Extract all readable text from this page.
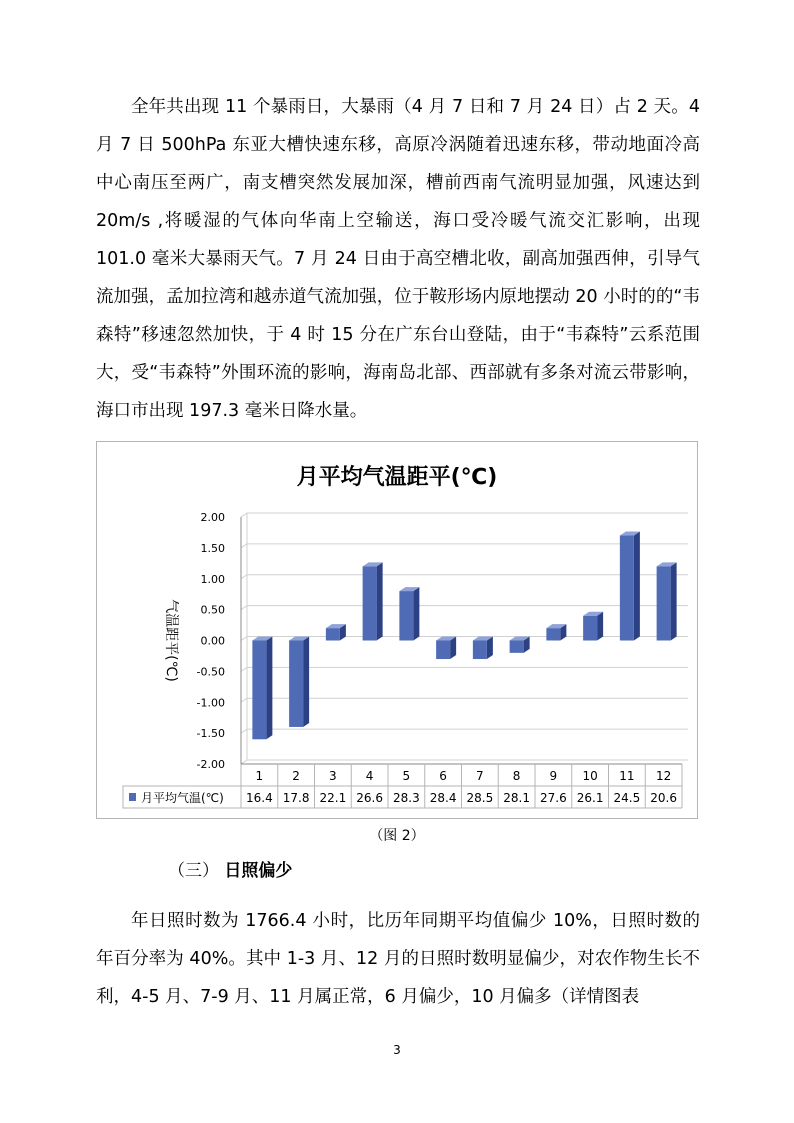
全年共出现 11 个暴雨日，大暴雨（4 月 7 日和 7 月 24 日）占 2 天。4 月 7 日 500hPa 东亚大槽快速东移，高原冷涡随着迅速东移，带动地面冷高中心南压至两广，南支槽突然发展加深，槽前西南气流明显加强，风速达到 20m/s ,将暖湿的气体向华南上空输送，海口受冷暖气流交汇影响，出现 101.0 毫米大暴雨天气。7 月 24 日由于高空槽北收，副高加强西伸，引导气流加强，孟加拉湾和越赤道气流加强，位于鞍形场内原地摆动 20 小时的的“韦森特”移速忽然加快，于 4 时 15 分在广东台山登陆，由于“韦森特”云系范围大，受“韦森特”外围环流的影响，海南岛北部、西部就有多条对流云带影响，海口市出现 197.3 毫米日降水量。

月平均气温距平(℃)
2.00
1.50
1.00
0.50
0.00
-0.50
-1.00
-1.50
-2.00
气温距平(℃)
1 2 3 4 5 6 7 8 9 10 11 12
16.4 17.8 22.1 26.6 28.3 28.4 28.5 28.1 27.6 26.1 24.5 20.6
月平均气温(℃)
（图 2）
（三） 日照偏少

年日照时数为 1766.4 小时，比历年同期平均值偏少 10%，日照时数的年百分率为 40%。其中 1-3 月、12 月的日照时数明显偏少，对农作物生长不利，4-5 月、7-9 月、11 月属正常，6 月偏少，10 月偏多（详情图表

3
